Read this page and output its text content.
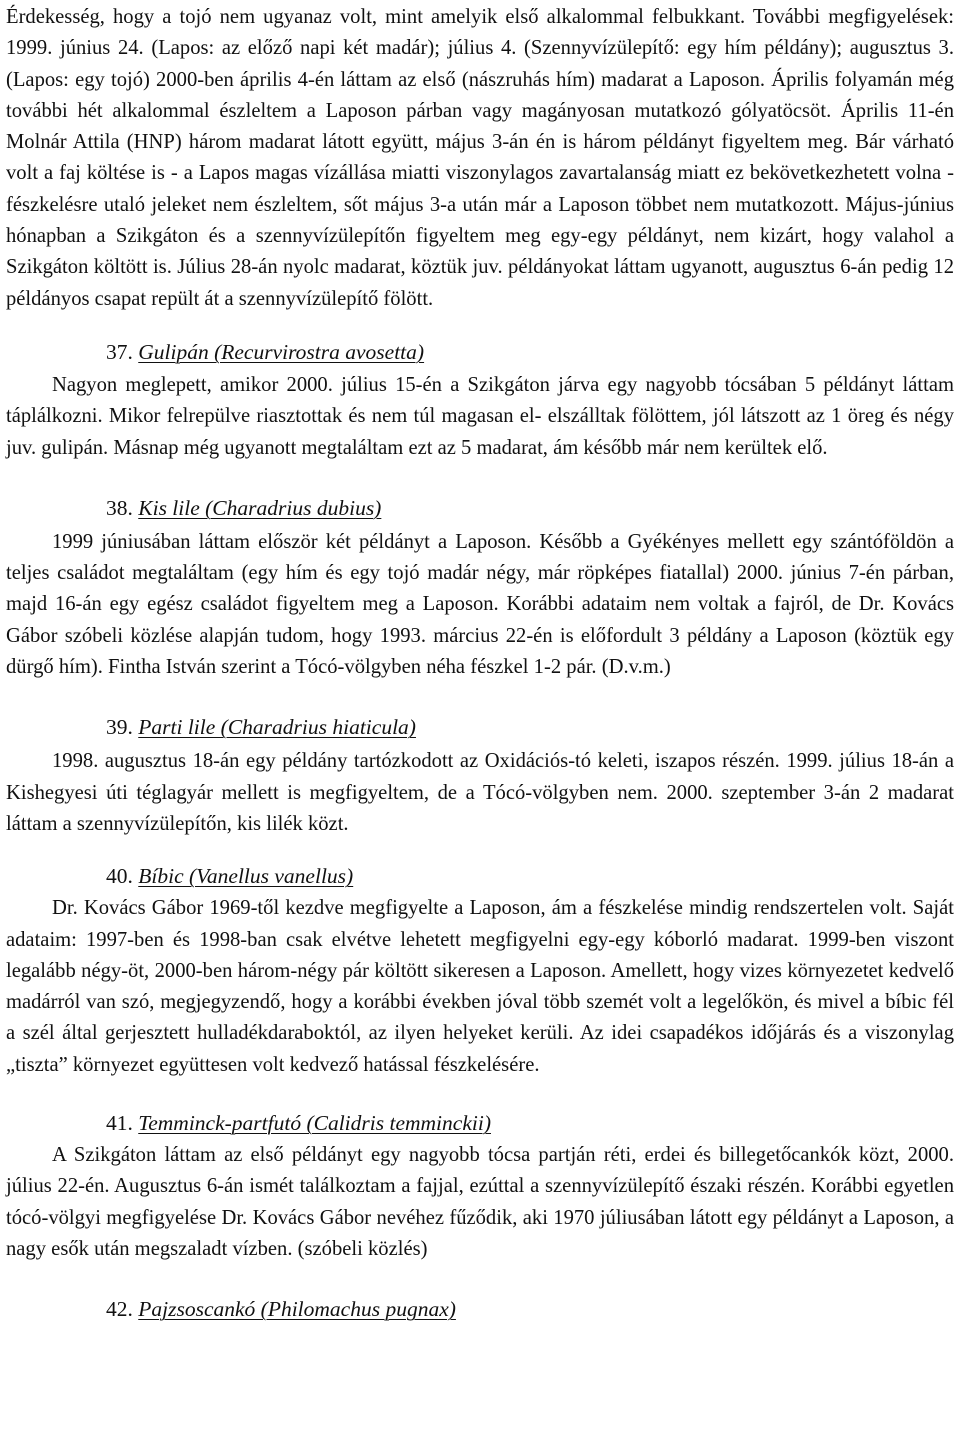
Érdekesség, hogy a tojó nem ugyanaz volt, mint amelyik első alkalommal felbukkant. További megfigyelések: 1999. június 24. (Lapos: az előző napi két madár); július 4. (Szennyvízülepítő: egy hím példány); augusztus 3. (Lapos: egy tojó) 2000-ben április 4-én láttam az első (nászruhás hím) madarat a Laposon. Április folyamán még további hét alkalommal észleltem a Laposon párban vagy magányosan mutatkozó gólyatöcsöt. Április 11-én Molnár Attila (HNP) három madarat látott együtt, május 3-án én is három példányt figyeltem meg. Bár várható volt a faj költése is - a Lapos magas vízállása miatti viszonylagos zavartalanság miatt ez bekövetkezhetett volna - fészkelésre utaló jeleket nem észleltem, sőt május 3-a után már a Laposon többet nem mutatkozott. Május-június hónapban a Szikgáton és a szennyvízülepítőn figyeltem meg egy-egy példányt, nem kizárt, hogy valahol a Szikgáton költött is. Július 28-án nyolc madarat, köztük juv. példányokat láttam ugyanott, augusztus 6-án pedig 12 példányos csapat repült át a szennyvízülepítő fölött.

37. Gulipán (Recurvirostra avosetta)

Nagyon meglepett, amikor 2000. július 15-én a Szikgáton járva egy nagyobb tócsában 5 példányt láttam táplálkozni. Mikor felrepülve riasztottak és nem túl magasan el- elszálltak fölöttem, jól látszott az 1 öreg és négy juv. gulipán. Másnap még ugyanott megtaláltam ezt az 5 madarat, ám később már nem kerültek elő.

38. Kis lile (Charadrius dubius)

1999 júniusában láttam először két példányt a Laposon. Később a Gyékényes mellett egy szántóföldön a teljes családot megtaláltam (egy hím és egy tojó madár négy, már röpképes fiatallal) 2000. június 7-én párban, majd 16-án egy egész családot figyeltem meg a Laposon. Korábbi adataim nem voltak a fajról, de Dr. Kovács Gábor szóbeli közlése alapján tudom, hogy 1993. március 22-én is előfordult 3 példány a Laposon (köztük egy dürgő hím). Fintha István szerint a Tócó-völgyben néha fészkel 1-2 pár. (D.v.m.)

39. Parti lile (Charadrius hiaticula)

1998. augusztus 18-án egy példány tartózkodott az Oxidációs-tó keleti, iszapos részén. 1999. július 18-án a Kishegyesi úti téglagyár mellett is megfigyeltem, de a Tócó-völgyben nem. 2000. szeptember 3-án 2 madarat láttam a szennyvízülepítőn, kis lilék közt.

40. Bíbic (Vanellus vanellus)

Dr. Kovács Gábor 1969-től kezdve megfigyelte a Laposon, ám a fészkelése mindig rendszertelen volt. Saját adataim: 1997-ben és 1998-ban csak elvétve lehetett megfigyelni egy-egy kóborló madarat. 1999-ben viszont legalább négy-öt, 2000-ben három-négy pár költött sikeresen a Laposon. Amellett, hogy vizes környezetet kedvelő madárról van szó, megjegyzendő, hogy a korábbi években jóval több szemét volt a legelőkön, és mivel a bíbic fél a szél által gerjesztett hulladékdaraboktól, az ilyen helyeket kerüli. Az idei csapadékos időjárás és a viszonylag „tiszta” környezet együttesen volt kedvező hatással fészkelésére.

41. Temminck-partfutó (Calidris temminckii)

A Szikgáton láttam az első példányt egy nagyobb tócsa partján réti, erdei és billegetőcankók közt, 2000. július 22-én. Augusztus 6-án ismét találkoztam a fajjal, ezúttal a szennyvízülepítő északi részén. Korábbi egyetlen tócó-völgyi megfigyelése Dr. Kovács Gábor nevéhez fűződik, aki 1970 júliusában látott egy példányt a Laposon, a nagy esők után megszaladt vízben. (szóbeli közlés)

42. Pajzsoscankó (Philomachus pugnax)
